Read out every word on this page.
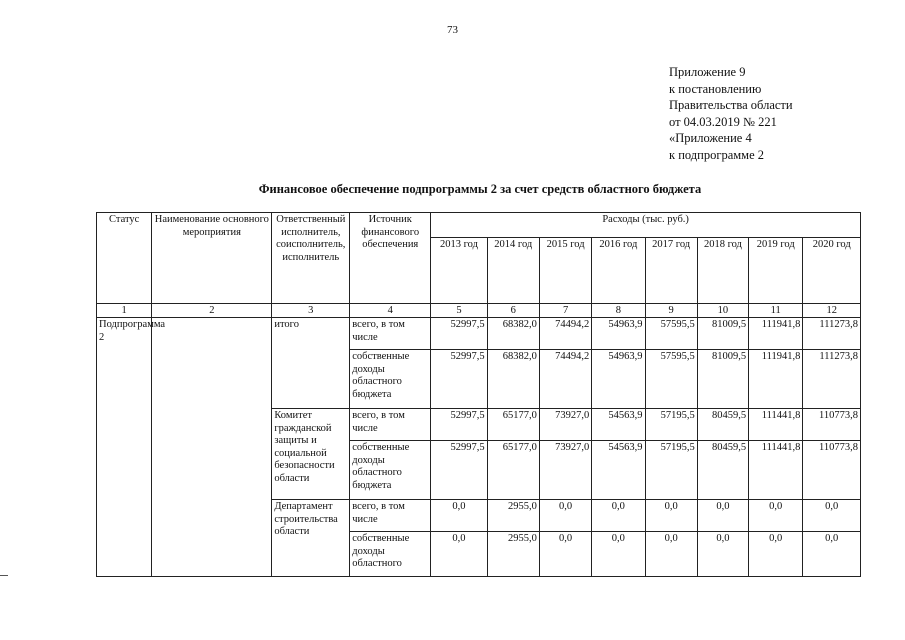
73
Приложение 9
к постановлению
Правительства области
от 04.03.2019 № 221
«Приложение 4
к подпрограмме 2
Финансовое обеспечение подпрограммы 2 за счет средств областного бюджета
Статус	Наименование основного мероприятия	Ответственный исполнитель, соисполнитель, исполнитель	Источник финансового обеспечения	Расходы (тыс. руб.)							
				2013 год	2014 год	2015 год	2016 год	2017 год	2018 год	2019 год	2020 год
1	2	3	4	5	6	7	8	9	10	11	12
Подпрограмма 2		итого	всего, в том числе	52997,5	68382,0	74494,2	54963,9	57595,5	81009,5	111941,8	111273,8
			собственные доходы областного бюджета	52997,5	68382,0	74494,2	54963,9	57595,5	81009,5	111941,8	111273,8
		Комитет гражданской защиты и социальной безопасности области	всего, в том числе	52997,5	65177,0	73927,0	54563,9	57195,5	80459,5	111441,8	110773,8
			собственные доходы областного бюджета	52997,5	65177,0	73927,0	54563,9	57195,5	80459,5	111441,8	110773,8
		Департамент строительства области	всего, в том числе	0,0	2955,0	0,0	0,0	0,0	0,0	0,0	0,0
			собственные доходы областного	0,0	2955,0	0,0	0,0	0,0	0,0	0,0	0,0
